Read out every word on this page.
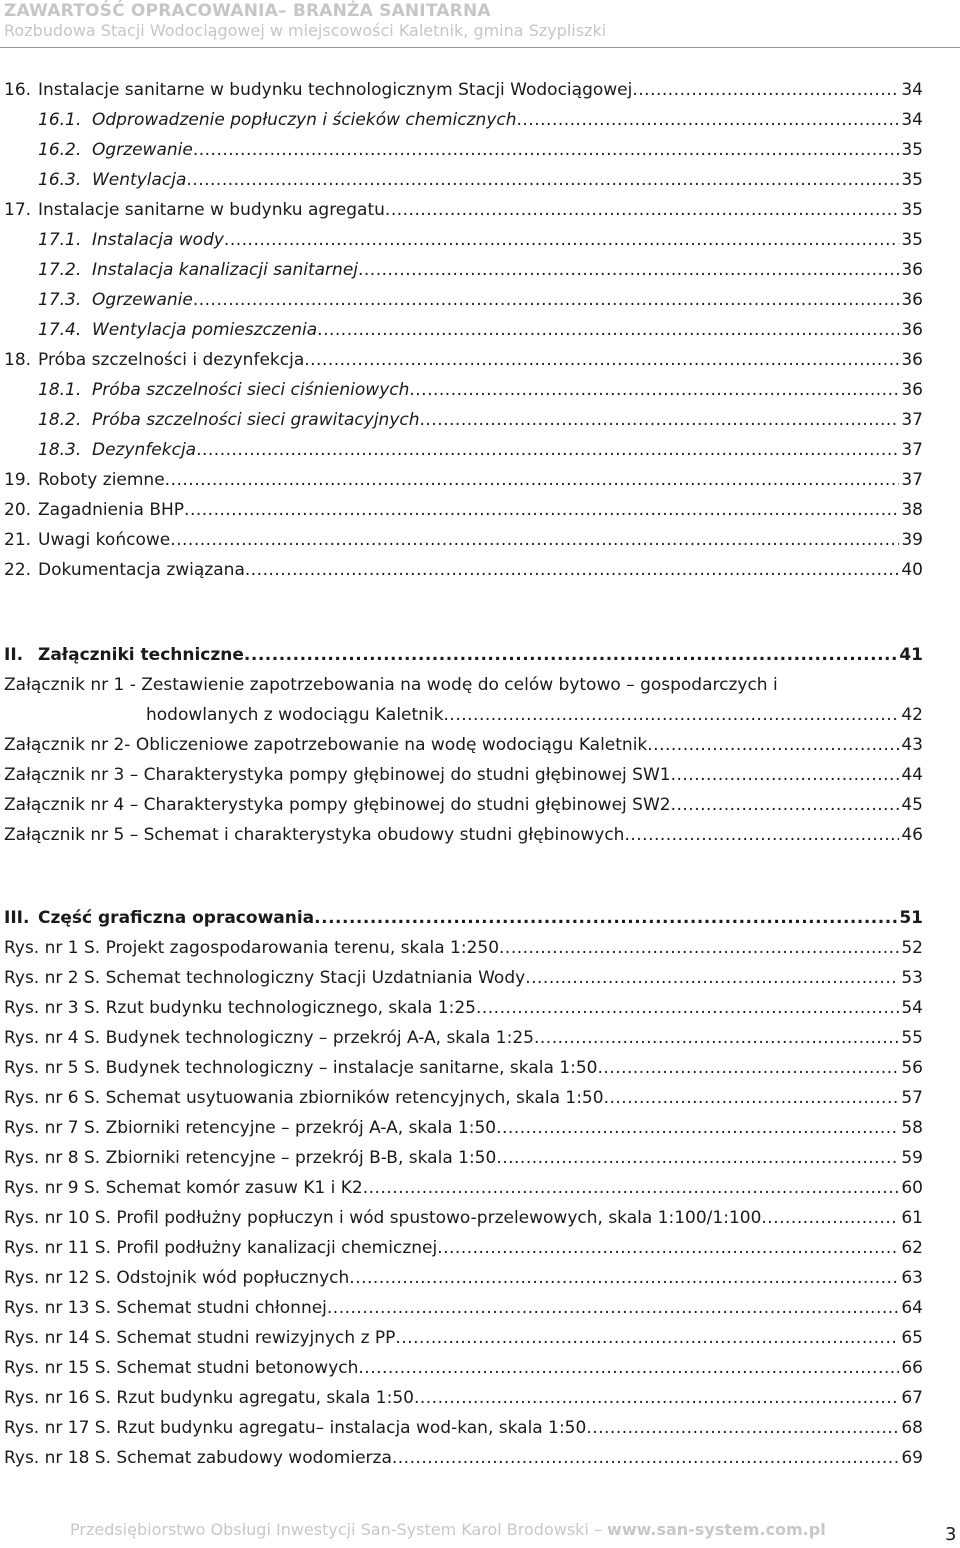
ZAWARTOŚĆ OPRACOWANIA– BRANŻA SANITARNA
Rozbudowa Stacji Wodociągowej w miejscowości Kaletnik, gmina Szypliszki
16. Instalacje sanitarne w budynku technologicznym Stacji Wodociągowej .....	34
16.1. Odprowadzenie popłuczyn i ścieków chemicznych .....	34
16.2. Ogrzewanie .....	35
16.3. Wentylacja .....	35
17. Instalacje sanitarne w budynku agregatu .....	35
17.1. Instalacja wody .....	35
17.2. Instalacja kanalizacji sanitarnej .....	36
17.3. Ogrzewanie .....	36
17.4. Wentylacja pomieszczenia .....	36
18. Próba szczelności i dezynfekcja .....	36
18.1. Próba szczelności sieci ciśnieniowych .....	36
18.2. Próba szczelności sieci grawitacyjnych .....	37
18.3. Dezynfekcja .....	37
19. Roboty ziemne .....	37
20. Zagadnienia BHP .....	38
21. Uwagi końcowe .....	39
22. Dokumentacja związana .....	40
II. Załączniki techniczne .....	41
Załącznik nr 1 - Zestawienie zapotrzebowania na wodę do celów bytowo – gospodarczych i
hodowlanych z wodociągu Kaletnik .....	42
Załącznik nr 2- Obliczeniowe zapotrzebowanie na wodę wodociągu Kaletnik .....	43
Załącznik nr 3 – Charakterystyka pompy głębinowej do studni głębinowej SW1 .....	44
Załącznik nr 4 – Charakterystyka pompy głębinowej do studni głębinowej SW2 .....	45
Załącznik nr 5 – Schemat i charakterystyka obudowy studni głębinowych .....	46
III. Część graficzna opracowania .....	51
Rys. nr 1 S. Projekt zagospodarowania terenu, skala 1:250 .....	52
Rys. nr 2 S. Schemat technologiczny Stacji Uzdatniania Wody .....	53
Rys. nr 3 S. Rzut budynku technologicznego, skala 1:25 .....	54
Rys. nr 4 S. Budynek technologiczny – przekrój A-A, skala 1:25 .....	55
Rys. nr 5 S. Budynek technologiczny – instalacje sanitarne, skala 1:50 .....	56
Rys. nr 6 S. Schemat usytuowania zbiorników retencyjnych, skala 1:50 .....	57
Rys. nr 7 S. Zbiorniki retencyjne – przekrój A-A, skala 1:50 .....	58
Rys. nr 8 S. Zbiorniki retencyjne – przekrój B-B, skala 1:50 .....	59
Rys. nr 9 S. Schemat komór zasuw K1 i K2 .....	60
Rys. nr 10 S. Profil podłużny popłuczyn i wód spustowo-przelewowych, skala 1:100/1:100 .....	61
Rys. nr 11 S. Profil podłużny kanalizacji chemicznej .....	62
Rys. nr 12 S. Odstojnik wód popłucznych .....	63
Rys. nr 13 S. Schemat studni chłonnej .....	64
Rys. nr 14 S. Schemat studni rewizyjnych z PP .....	65
Rys. nr 15 S. Schemat studni betonowych .....	66
Rys. nr 16 S. Rzut budynku agregatu, skala 1:50 .....	67
Rys. nr 17 S. Rzut budynku agregatu– instalacja wod-kan, skala 1:50 .....	68
Rys. nr 18 S. Schemat zabudowy wodomierza .....	69
Przedsiębiorstwo Obsługi Inwestycji San-System Karol Brodowski – www.san-system.com.pl	3
